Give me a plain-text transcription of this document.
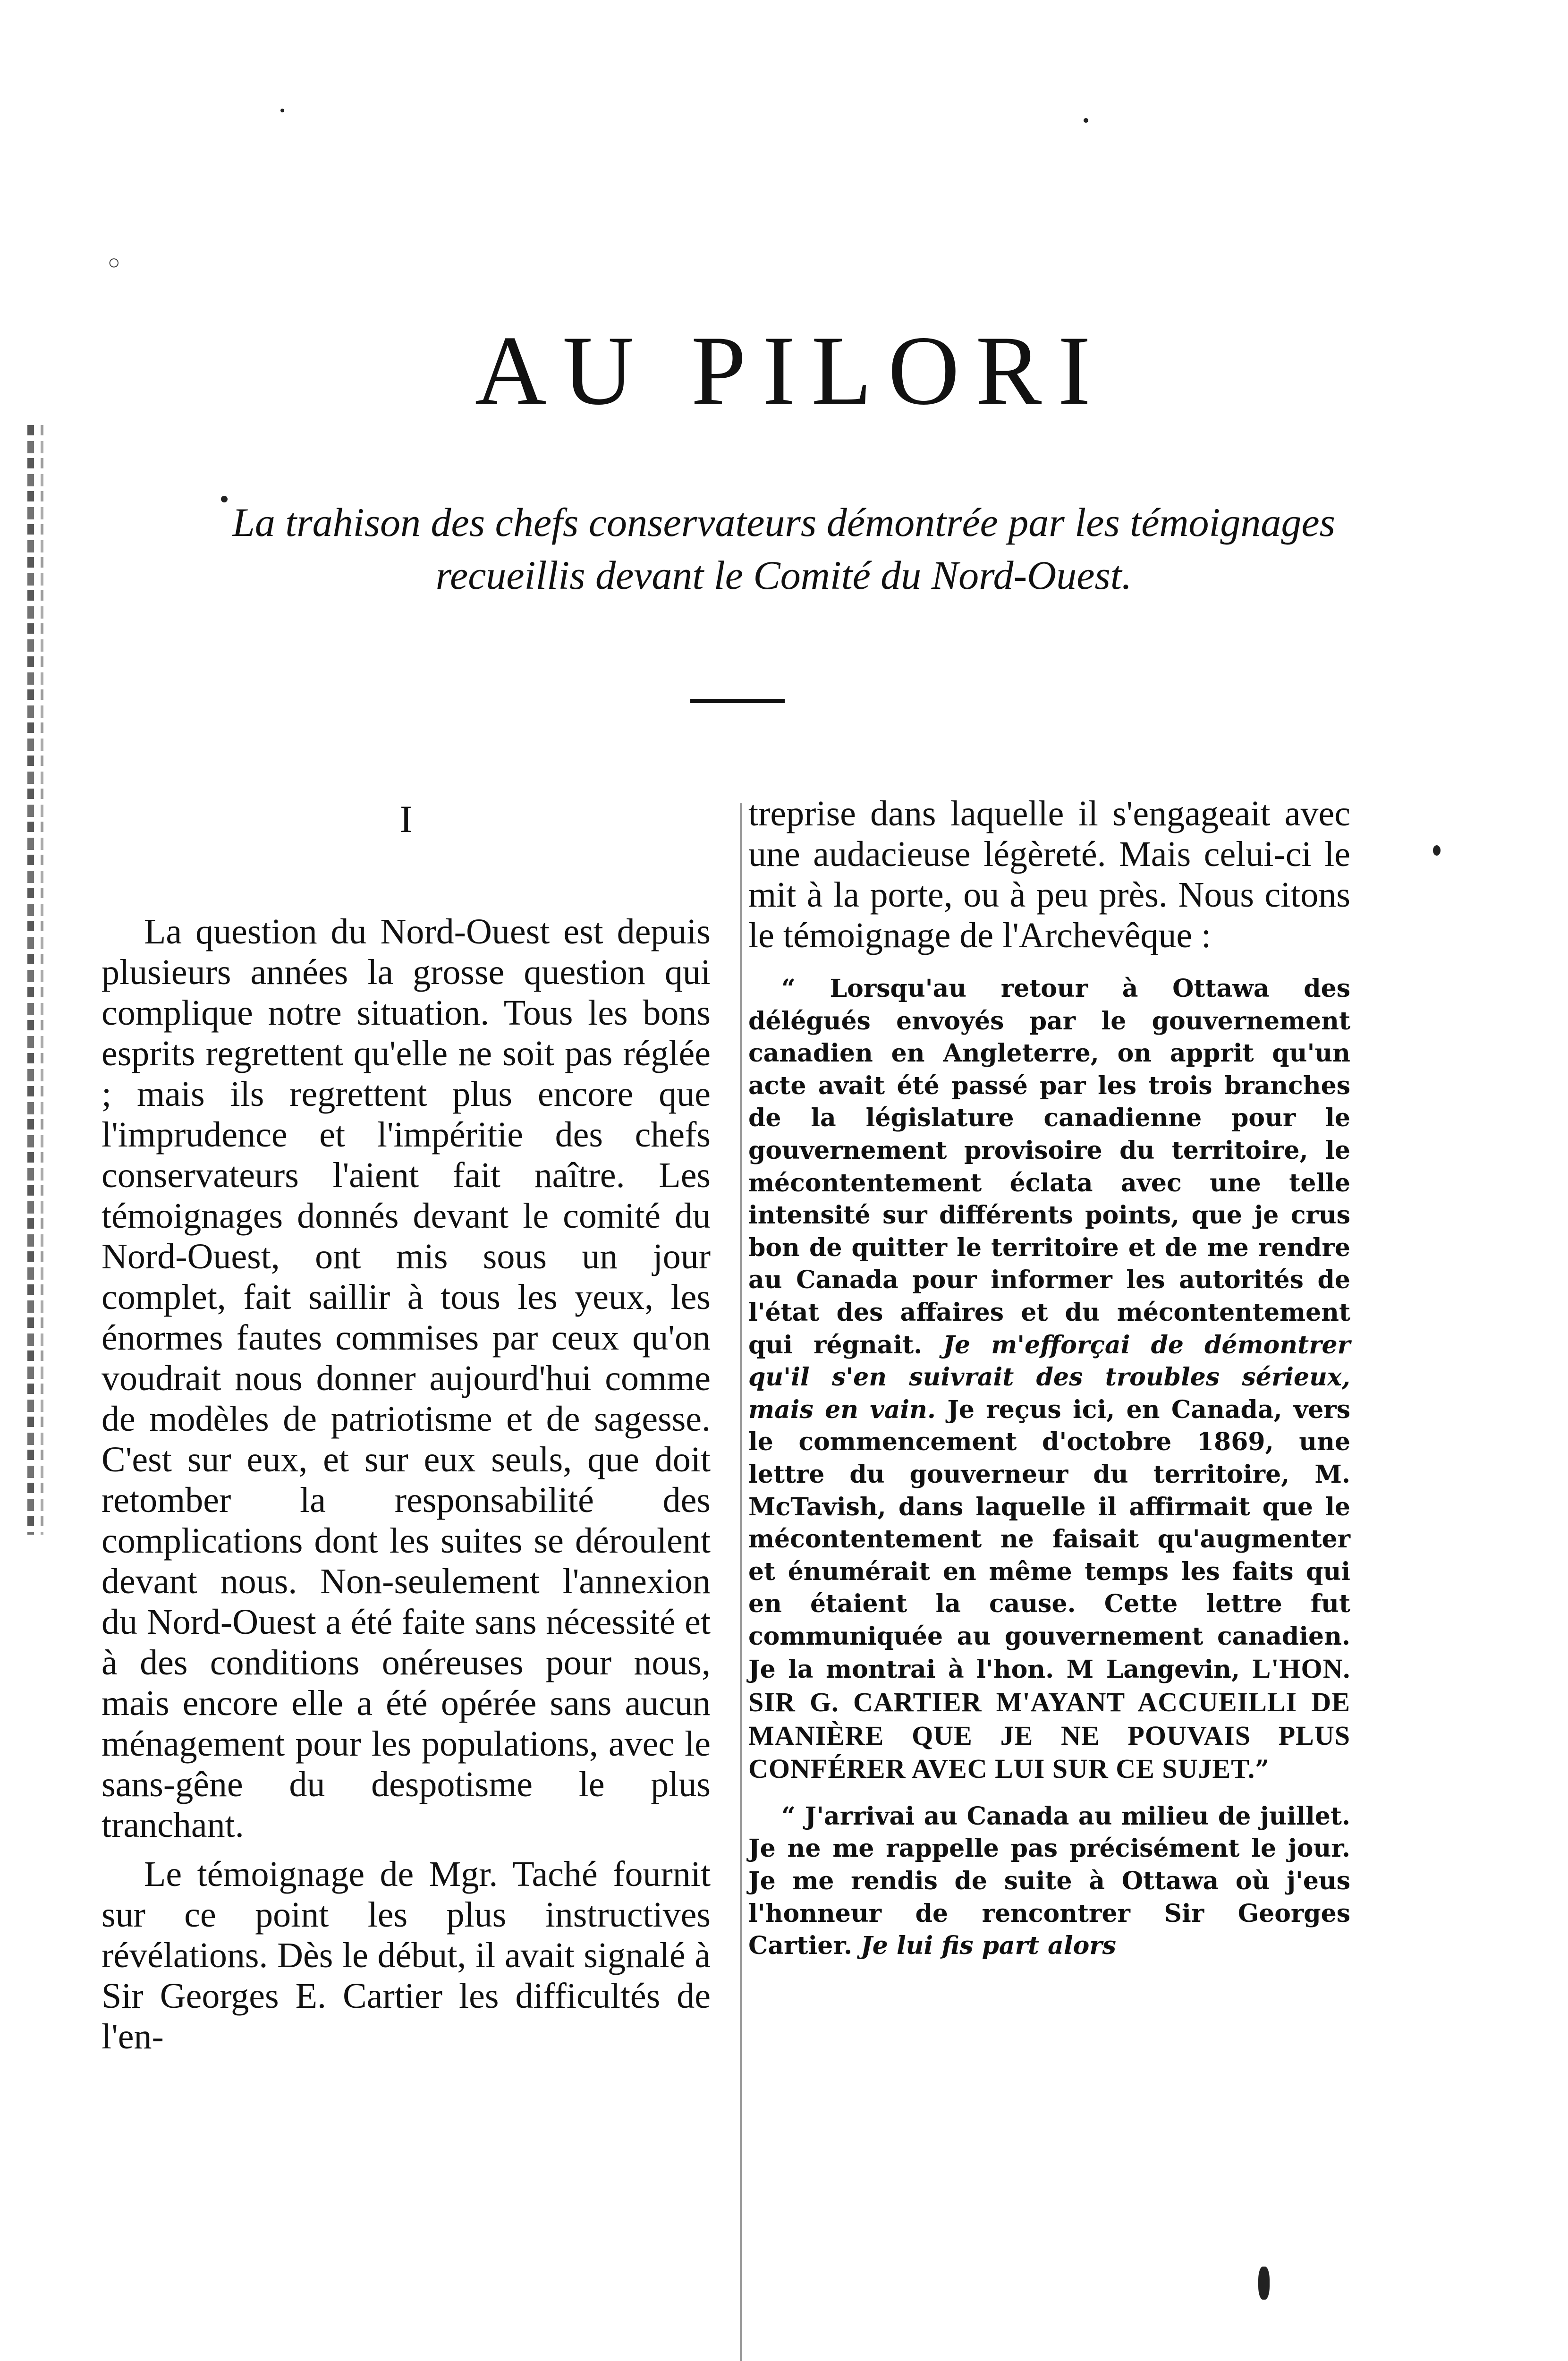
○
AU PILORI
La trahison des chefs conservateurs démontrée par les témoignages
recueillis devant le Comité du Nord-Ouest.
I

La question du Nord-Ouest est depuis plusieurs années la grosse question qui complique notre situation. Tous les bons esprits regrettent qu'elle ne soit pas réglée ; mais ils regrettent plus encore que l'imprudence et l'impéritie des chefs conservateurs l'aient fait naître. Les témoignages donnés devant le comité du Nord-Ouest, ont mis sous un jour complet, fait saillir à tous les yeux, les énormes fautes commises par ceux qu'on voudrait nous donner aujourd'hui comme de modèles de patriotisme et de sagesse. C'est sur eux, et sur eux seuls, que doit retomber la responsabilité des complications dont les suites se déroulent devant nous. Non-seulement l'annexion du Nord-Ouest a été faite sans nécessité et à des conditions onéreuses pour nous, mais encore elle a été opérée sans aucun ménagement pour les populations, avec le sans-gêne du despotisme le plus tranchant.

Le témoignage de Mgr. Taché fournit sur ce point les plus instructives révélations. Dès le début, il avait signalé à Sir Georges E. Cartier les difficultés de l'en-

treprise dans laquelle il s'engageait avec une audacieuse légèreté. Mais celui-ci le mit à la porte, ou à peu près. Nous citons le témoignage de l'Archevêque :

“ Lorsqu'au retour à Ottawa des délégués envoyés par le gouvernement canadien en Angleterre, on apprit qu'un acte avait été passé par les trois branches de la législature canadienne pour le gouvernement provisoire du territoire, le mécontentement éclata avec une telle intensité sur différents points, que je crus bon de quitter le territoire et de me rendre au Canada pour informer les autorités de l'état des affaires et du mécontentement qui régnait. Je m'efforçai de démontrer qu'il s'en suivrait des troubles sérieux, mais en vain. Je reçus ici, en Canada, vers le commencement d'octobre 1869, une lettre du gouverneur du territoire, M. McTavish, dans laquelle il affirmait que le mécontentement ne faisait qu'augmenter et énumérait en même temps les faits qui en étaient la cause. Cette lettre fut communiquée au gouvernement canadien. Je la montrai à l'hon. M Langevin, L'HON. SIR G. CARTIER M'AYANT ACCUEILLI DE MANIÈRE QUE JE NE POUVAIS PLUS CONFÉRER AVEC LUI SUR CE SUJET.”

“ J'arrivai au Canada au milieu de juillet. Je ne me rappelle pas précisément le jour. Je me rendis de suite à Ottawa où j'eus l'honneur de rencontrer Sir Georges Cartier. Je lui fis part alors
